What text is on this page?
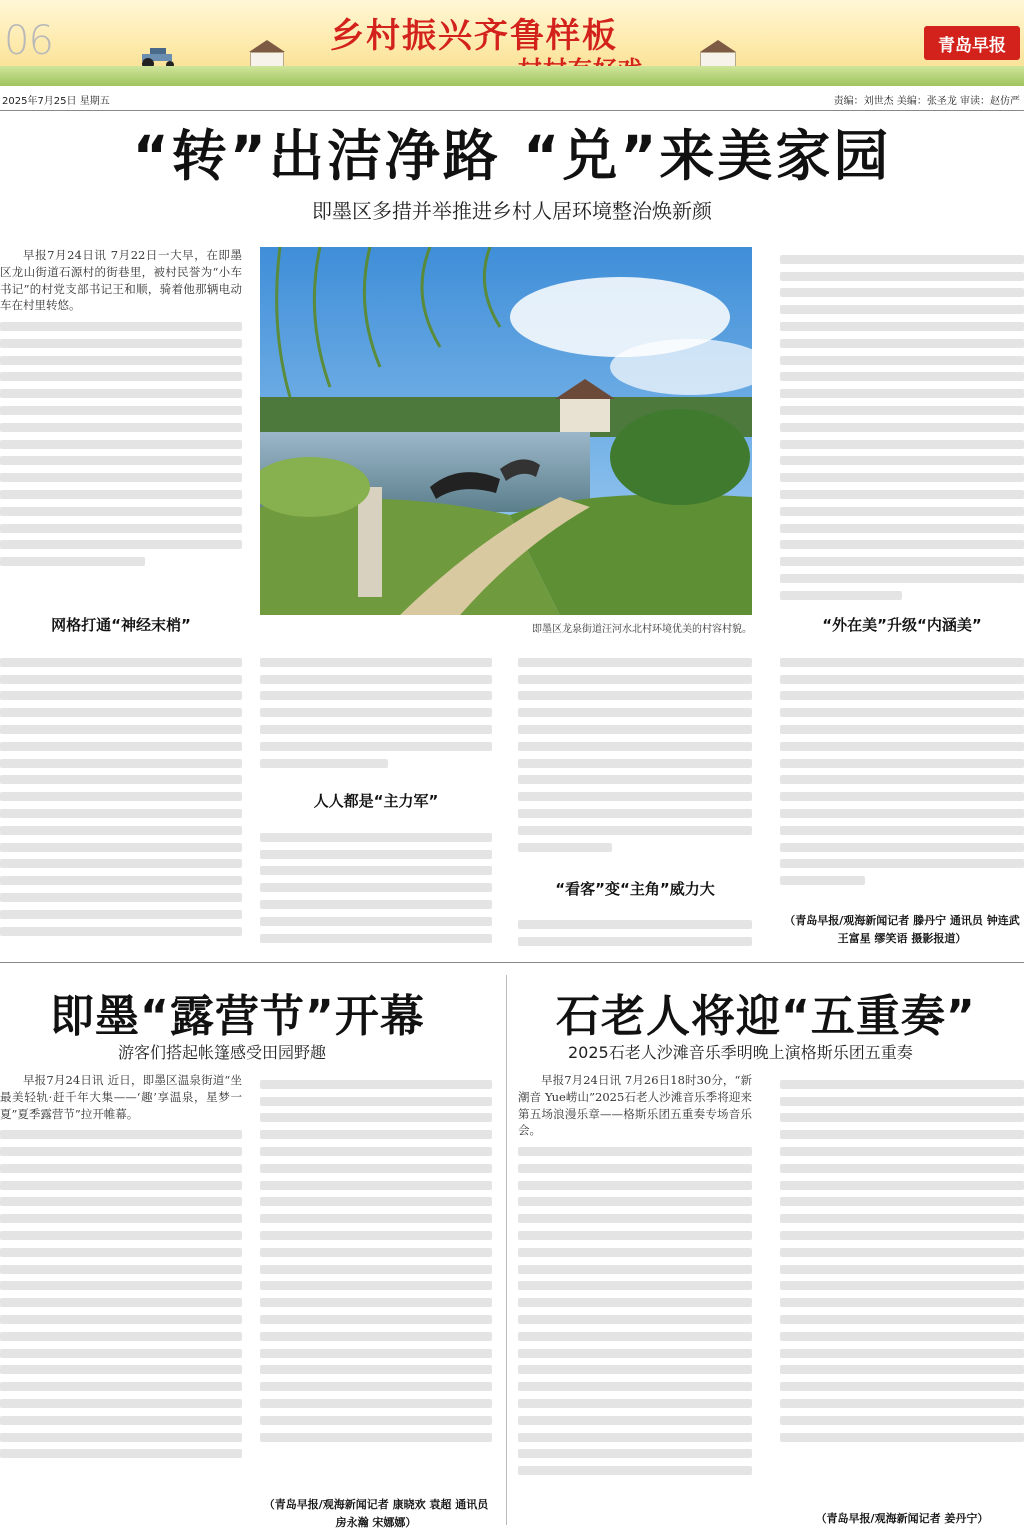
06	乡村振兴齐鲁样板	青岛早报
2025年7月25日 星期五	责编：刘世杰 美编：张圣龙 审读：赵仿严
“转”出洁净路 “兑”来美家园
即墨区多措并举推进乡村人居环境整治焕新颜

早报7月24日讯 7月22日一大早，在即墨区龙山街道石源村的街巷里，被村民誉为“小车书记”的村党支部书记王和顺，骑着他那辆电动车在村里转悠。

网格打通“神经末梢”	即墨区龙泉街道汪河水北村环境优美的村容村貌。
人人都是“主力军”
“看客”变“主角”威力大
“外在美”升级“内涵美”
（青岛早报/观海新闻记者 滕丹宁 通讯员 钟连武 王富星 缪笑语 摄影报道）
即墨“露营节”开幕
游客们搭起帐篷感受田园野趣

早报7月24日讯 近日，即墨区温泉街道“坐最美轻轨·赶千年大集——‘趣’享温泉，星梦一夏”夏季露营节”拉开帷幕。

（青岛早报/观海新闻记者 康晓欢 袁超 通讯员 房永瀚 宋娜娜）
石老人将迎“五重奏”
2025石老人沙滩音乐季明晚上演格斯乐团五重奏

早报7月24日讯 7月26日18时30分，“新潮音 Yue崂山”2025石老人沙滩音乐季将迎来第五场浪漫乐章——格斯乐团五重奏专场音乐会。

（青岛早报/观海新闻记者 姜丹宁）
